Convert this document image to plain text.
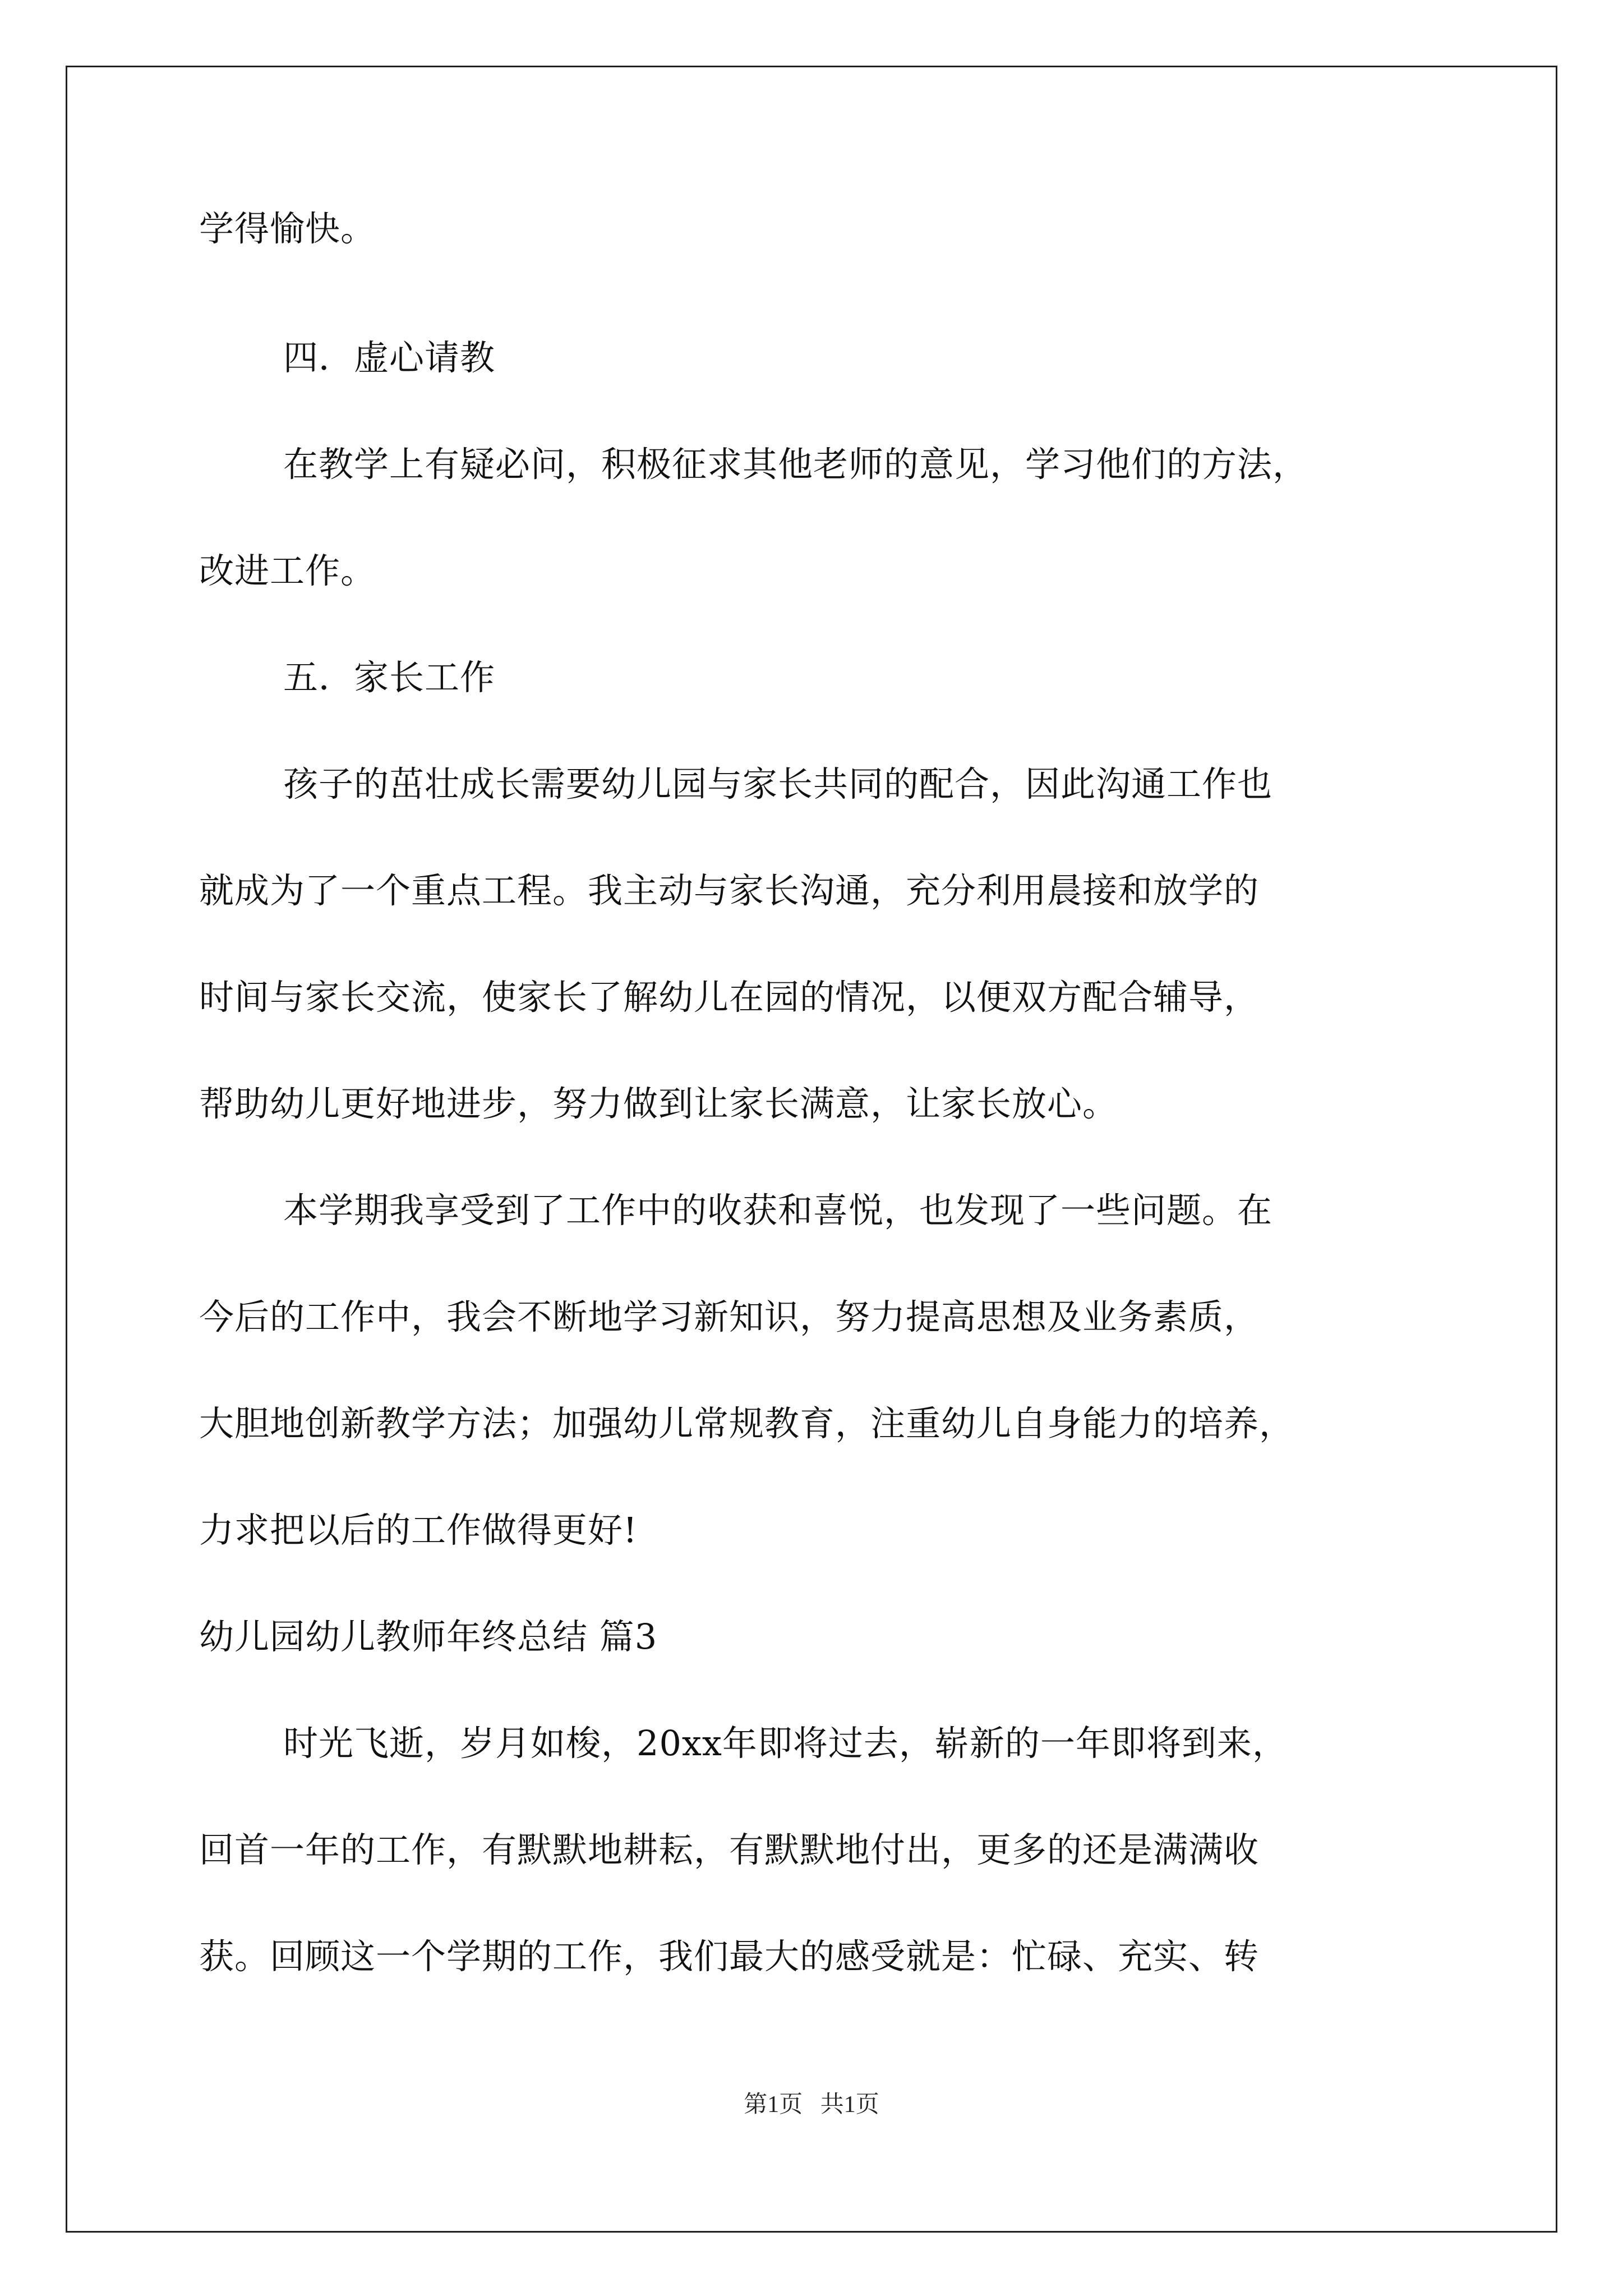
学得愉快。
四．虚心请教
在教学上有疑必问，积极征求其他老师的意见，学习他们的方法，
改进工作。
五．家长工作
孩子的茁壮成长需要幼儿园与家长共同的配合，因此沟通工作也
就成为了一个重点工程。我主动与家长沟通，充分利用晨接和放学的
时间与家长交流，使家长了解幼儿在园的情况，以便双方配合辅导，
帮助幼儿更好地进步，努力做到让家长满意，让家长放心。
本学期我享受到了工作中的收获和喜悦，也发现了一些问题。在
今后的工作中，我会不断地学习新知识，努力提高思想及业务素质，
大胆地创新教学方法；加强幼儿常规教育，注重幼儿自身能力的培养，
力求把以后的工作做得更好!
幼儿园幼儿教师年终总结 篇3
时光飞逝，岁月如梭，20xx年即将过去，崭新的一年即将到来，
回首一年的工作，有默默地耕耘，有默默地付出，更多的还是满满收
获。回顾这一个学期的工作，我们最大的感受就是：忙碌、充实、转
第1页   共1页
